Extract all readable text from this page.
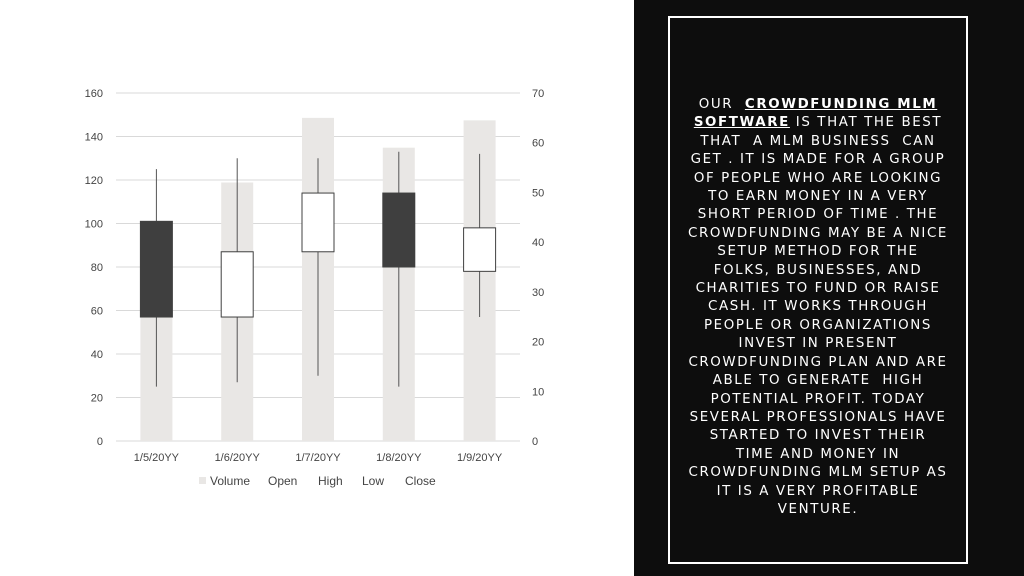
0
20
40
60
80
100
120
140
160
0
10
20
30
40
50
60
70
1/5/20YY	1/6/20YY	1/7/20YY	1/8/20YY	1/9/20YY
Volume Open High Low Close
OUR  CROWDFUNDING MLM SOFTWARE IS THAT THE BEST THAT  A MLM BUSINESS  CAN GET . IT IS MADE FOR A GROUP OF PEOPLE WHO ARE LOOKING TO EARN MONEY IN A VERY SHORT PERIOD OF TIME . THE CROWDFUNDING MAY BE A NICE SETUP METHOD FOR THE FOLKS, BUSINESSES, AND CHARITIES TO FUND OR RAISE CASH. IT WORKS THROUGH PEOPLE OR ORGANIZATIONS INVEST IN PRESENT CROWDFUNDING PLAN AND ARE ABLE TO GENERATE  HIGH POTENTIAL PROFIT. TODAY SEVERAL PROFESSIONALS HAVE STARTED TO INVEST THEIR TIME AND MONEY IN CROWDFUNDING MLM SETUP AS IT IS A VERY PROFITABLE VENTURE.
